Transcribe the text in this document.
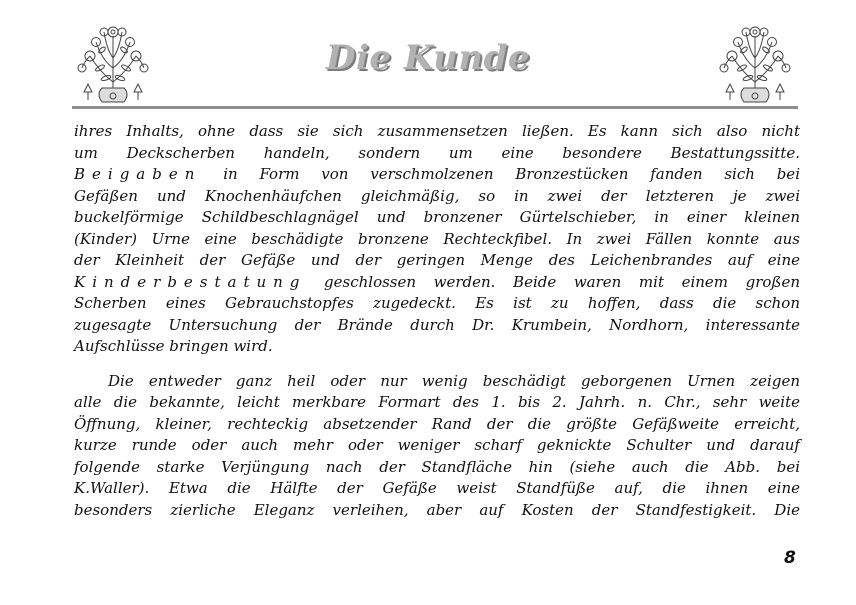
Die Kunde

ihres Inhalts, ohne dass sie sich zusammensetzen ließen. Es kann sich also nicht

um Deckscherben handeln, sondern um eine besondere Bestattungssitte.

Beigaben in Form von verschmolzenen Bronzestücken fanden sich bei

Gefäßen und Knochenhäufchen gleichmäßig, so in zwei der letzteren je zwei

buckelförmige Schildbeschlagnägel und bronzener Gürtelschieber, in einer kleinen

(Kinder) Urne eine beschädigte bronzene Rechteckfibel. In zwei Fällen konnte aus

der Kleinheit der Gefäße und der geringen Menge des Leichenbrandes auf eine

Kinderbestatung geschlossen werden. Beide waren mit einem großen

Scherben eines Gebrauchstopfes zugedeckt. Es ist zu hoffen, dass die schon

zugesagte Untersuchung der Brände durch Dr. Krumbein, Nordhorn, interessante

Aufschlüsse bringen wird.

Die entweder ganz heil oder nur wenig beschädigt geborgenen Urnen zeigen

alle die bekannte, leicht merkbare Formart des 1. bis 2. Jahrh. n. Chr., sehr weite

Öffnung, kleiner, rechteckig absetzender Rand der die größte Gefäßweite erreicht,

kurze runde oder auch mehr oder weniger scharf geknickte Schulter und darauf

folgende starke Verjüngung nach der Standfläche hin (siehe auch die Abb. bei

K.Waller). Etwa die Hälfte der Gefäße weist Standfüße auf, die ihnen eine

besonders zierliche Eleganz verleihen, aber auf Kosten der Standfestigkeit. Die

8
